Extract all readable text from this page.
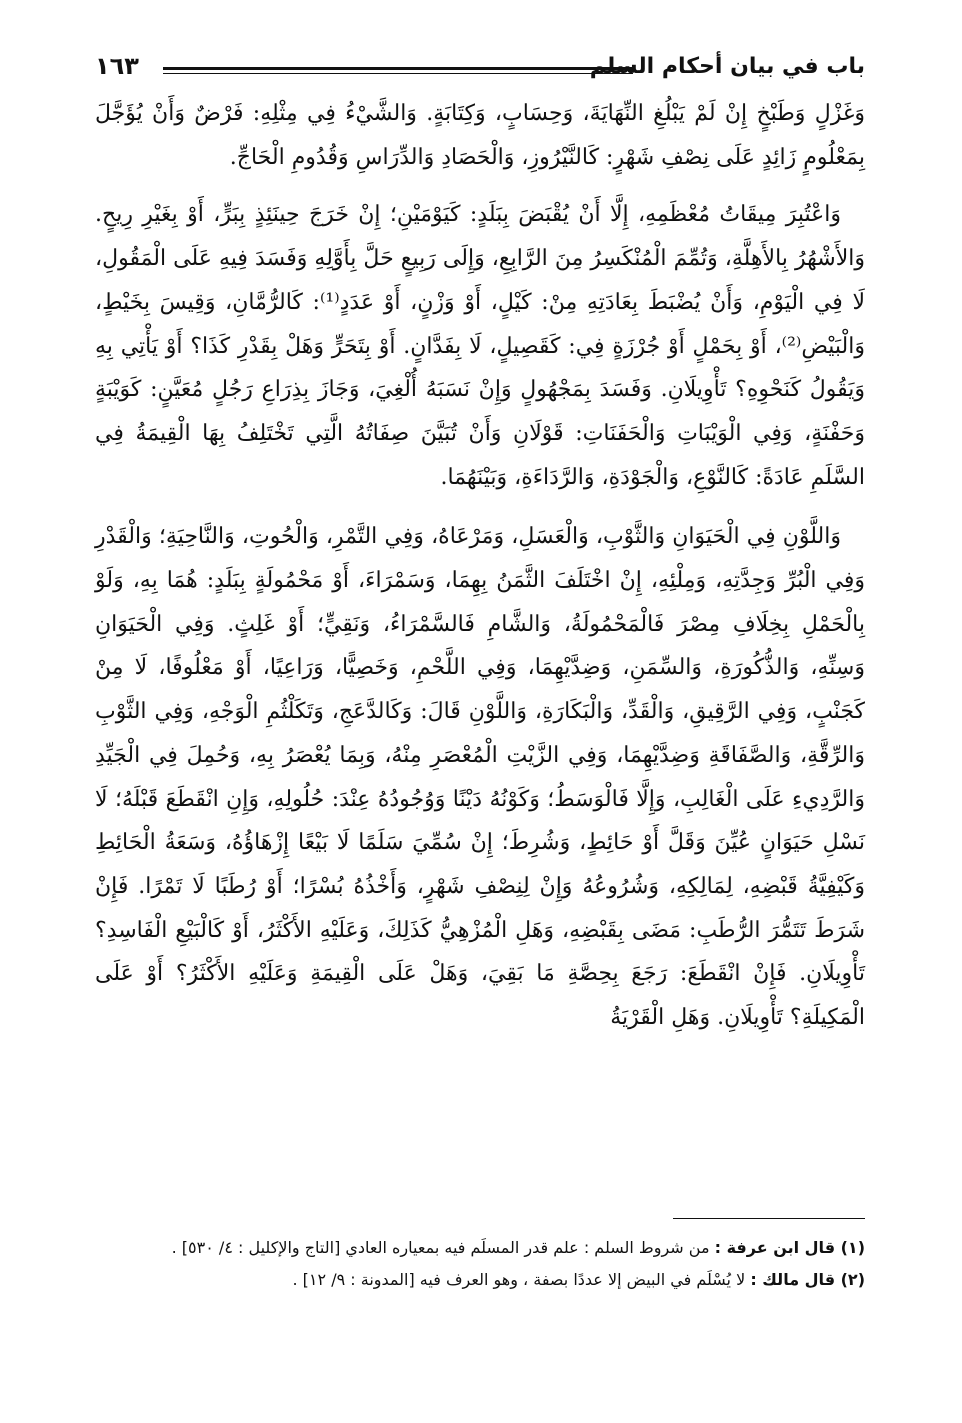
باب في بيان أحكام السلم
١٦٣

وَغَزْلٍ وَطَبْخٍ إِنْ لَمْ يَبْلُغِ النِّهَايَةَ، وَحِسَابٍ، وَكِتَابَةٍ. وَالشَّيْءُ فِي مِثْلِهِ: فَرْضٌ وَأَنْ يُؤَجَّلَ بِمَعْلُومٍ زَائِدٍ عَلَى نِصْفِ شَهْرٍ: كَالنَّيْرُوزِ، وَالْحَصَادِ وَالدِّرَاسِ وَقُدُومِ الْحَاجِّ.

وَاعْتُبِرَ مِيقَاتُ مُعْظَمِهِ، إِلَّا أَنْ يُقْبَضَ بِبَلَدٍ: كَيَوْمَيْنِ؛ إِنْ خَرَجَ حِينَئِذٍ بِبَرٍّ، أَوْ بِغَيْرِ رِيحٍ. وَالأَشْهُرُ بِالأَهِلَّةِ، وَتُمِّمَ الْمُنْكَسِرُ مِنَ الرَّابِعِ، وَإِلَى رَبِيعٍ حَلَّ بِأَوَّلِهِ وَفَسَدَ فِيهِ عَلَى الْمَقُولِ، لَا فِي الْيَوْمِ، وَأَنْ يُضْبَطَ بِعَادَتِهِ مِنْ: كَيْلٍ، أَوْ وَزْنٍ، أَوْ عَدَدٍ⁽¹⁾: كَالرُّمَّانِ، وَقِيسَ بِخَيْطٍ، وَالْبَيْضِ⁽²⁾، أَوْ بِحَمْلٍ أَوْ جُرْزَةٍ فِي: كَقَصِيلٍ، لَا بِفَدَّانٍ. أَوْ بِتَحَرٍّ وَهَلْ بِقَدْرِ كَذَا؟ أَوْ يَأْتِي بِهِ وَيَقُولُ كَنَحْوِهِ؟ تَأْوِيلَانِ. وَفَسَدَ بِمَجْهُولٍ وَإِنْ نَسَبَهُ أُلْغِيَ، وَجَازَ بِذِرَاعِ رَجُلٍ مُعَيَّنٍ: كَوَيْبَةٍ وَحَفْنَةٍ، وَفِي الْوَيْبَاتِ وَالْحَفَنَاتِ: قَوْلَانِ وَأَنْ تُبَيَّنَ صِفَاتُهُ الَّتِي تَخْتَلِفُ بِهَا الْقِيمَةُ فِي السَّلَمِ عَادَةً: كَالنَّوْعِ، وَالْجَوْدَةِ، وَالرَّدَاءَةِ، وَبَيْنَهُمَا.

وَاللَّوْنِ فِي الْحَيَوَانِ وَالثَّوْبِ، وَالْعَسَلِ، وَمَرْعَاهُ، وَفِي التَّمْرِ، وَالْحُوتِ، وَالنَّاحِيَةِ؛ وَالْقَدْرِ وَفِي الْبُرِّ وَجِدَّتِهِ، وَمِلْئِهِ، إِنْ اخْتَلَفَ الثَّمَنُ بِهِمَا، وَسَمْرَاءَ، أَوْ مَحْمُولَةٍ بِبَلَدٍ: هُمَا بِهِ، وَلَوْ بِالْحَمْلِ بِخِلَافِ مِصْرَ فَالْمَحْمُولَةُ، وَالشَّامِ فَالسَّمْرَاءُ، وَنَقِيٍّ؛ أَوْ غَلِثٍ. وَفِي الْحَيَوَانِ وَسِنِّهِ، وَالذُّكُورَةِ، وَالسِّمَنِ، وَضِدَّيْهِمَا، وَفِي اللَّحْمِ، وَخَصِيًّا، وَرَاعِيًا، أَوْ مَعْلُوفًا، لَا مِنْ كَجَنْبٍ، وَفِي الرَّقِيقِ، وَالْقَدِّ، وَالْبَكَارَةِ، وَاللَّوْنِ قَالَ: وَكَالدَّعَجِ، وَتَكَلْثُمِ الْوَجْهِ، وَفِي الثَّوْبِ وَالرِّقَّةِ، وَالصَّفَاقَةِ وَضِدَّيْهِمَا، وَفِي الزَّيْتِ الْمُعْصَرِ مِنْهُ، وَبِمَا يُعْصَرُ بِهِ، وَحُمِلَ فِي الْجَيِّدِ وَالرَّدِيءِ عَلَى الْغَالِبِ، وَإِلَّا فَالْوَسَطُ؛ وَكَوْنُهُ دَيْنًا وَوُجُودُهُ عِنْدَ: حُلُولِهِ، وَإِنِ انْقَطَعَ قَبْلَهُ؛ لَا نَسْلِ حَيَوَانٍ عُيِّنَ وَقَلَّ أَوْ حَائِطٍ، وَشُرِطَ؛ إِنْ سُمِّيَ سَلَمًا لَا بَيْعًا إِزْهَاؤُهُ، وَسَعَةُ الْحَائِطِ وَكَيْفِيَّةُ قَبْضِهِ، لِمَالِكِهِ، وَشُرُوعُهُ وَإِنْ لِنِصْفِ شَهْرٍ، وَأَخْذُهُ بُسْرًا؛ أَوْ رُطَبًا لَا تَمْرًا. فَإِنْ شَرَطَ تَتَمُّرَ الرُّطَبِ: مَضَى بِقَبْضِهِ، وَهَلِ الْمُزْهِيُّ كَذَلِكَ، وَعَلَيْهِ الأَكْثَرُ، أَوْ كَالْبَيْعِ الْفَاسِدِ؟ تَأْوِيلَانِ. فَإِنْ انْقَطَعَ: رَجَعَ بِحِصَّةِ مَا بَقِيَ، وَهَلْ عَلَى الْقِيمَةِ وَعَلَيْهِ الأَكْثَرُ؟ أَوْ عَلَى الْمَكِيلَةِ؟ تَأْوِيلَانِ. وَهَلِ الْقَرْيَةُ

(١) قال ابن عرفة : من شروط السلم : علم قدر المسلَم فيه بمعياره العادي [التاج والإكليل : ٤/ ٥٣٠] .
(٢) قال مالك : لا يُسْلَم في البيض إلا عددًا بصفة ، وهو العرف فيه [المدونة : ٩/ ١٢] .
